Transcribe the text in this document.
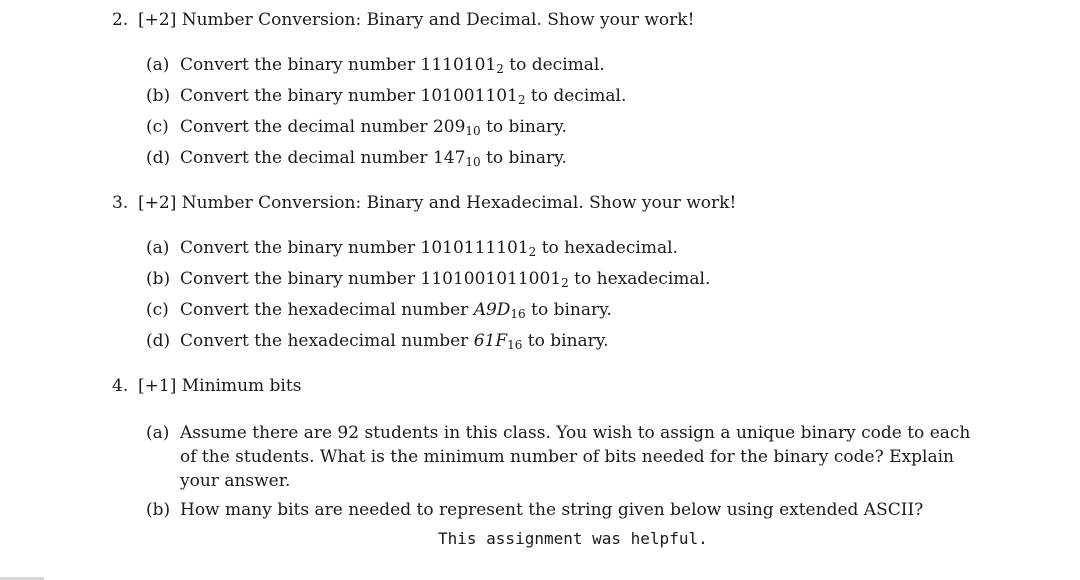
2. [+2] Number Conversion: Binary and Decimal. Show your work!
(a) Convert the binary number $1110101_2$ to decimal.
(b) Convert the binary number $101001101_2$ to decimal.
(c) Convert the decimal number $209_{10}$ to binary.
(d) Convert the decimal number $147_{10}$ to binary.
3. [+2] Number Conversion: Binary and Hexadecimal. Show your work!
(a) Convert the binary number $1010111101_2$ to hexadecimal.
(b) Convert the binary number $1101001011001_2$ to hexadecimal.
(c) Convert the hexadecimal number $A9D_{16}$ to binary.
(d) Convert the hexadecimal number $61F_{16}$ to binary.
4. [+1] Minimum bits
(a) Assume there are 92 students in this class. You wish to assign a unique binary code to each of the students. What is the minimum number of bits needed for the binary code? Explain your answer.
(b) How many bits are needed to represent the string given below using extended ASCII?
This assignment was helpful.
